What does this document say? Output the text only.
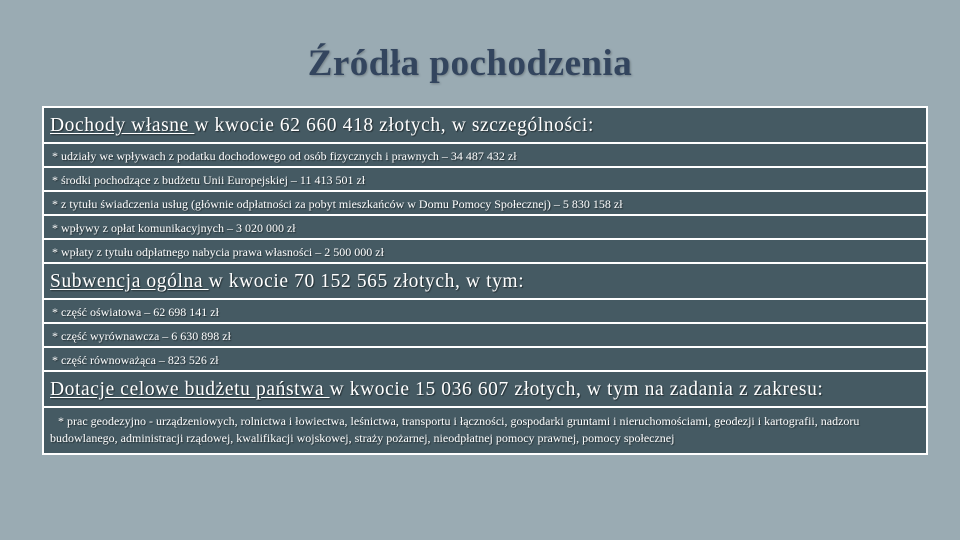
Źródła pochodzenia
Dochody własne w kwocie 62 660 418 złotych, w szczególności:
* udziały we wpływach z podatku dochodowego od osób fizycznych i prawnych – 34 487 432 zł
* środki pochodzące z budżetu Unii Europejskiej – 11 413 501 zł
* z tytułu świadczenia usług (głównie odpłatności za pobyt mieszkańców w Domu Pomocy Społecznej) – 5 830 158 zł
* wpływy z opłat komunikacyjnych – 3 020 000 zł
* wpłaty z tytułu odpłatnego nabycia prawa własności – 2 500 000 zł
Subwencja ogólna w kwocie 70 152 565 złotych, w tym:
* część oświatowa – 62 698 141 zł
* część wyrównawcza – 6 630 898 zł
* część równoważąca – 823 526 zł
Dotacje celowe budżetu państwa w kwocie 15 036 607 złotych, w tym na zadania z zakresu:
* prac geodezyjno - urządzeniowych, rolnictwa i łowiectwa, leśnictwa, transportu i łączności, gospodarki gruntami i nieruchomościami, geodezji i kartografii, nadzoru budowlanego, administracji rządowej, kwalifikacji wojskowej, straży pożarnej, nieodpłatnej pomocy prawnej, pomocy społecznej
